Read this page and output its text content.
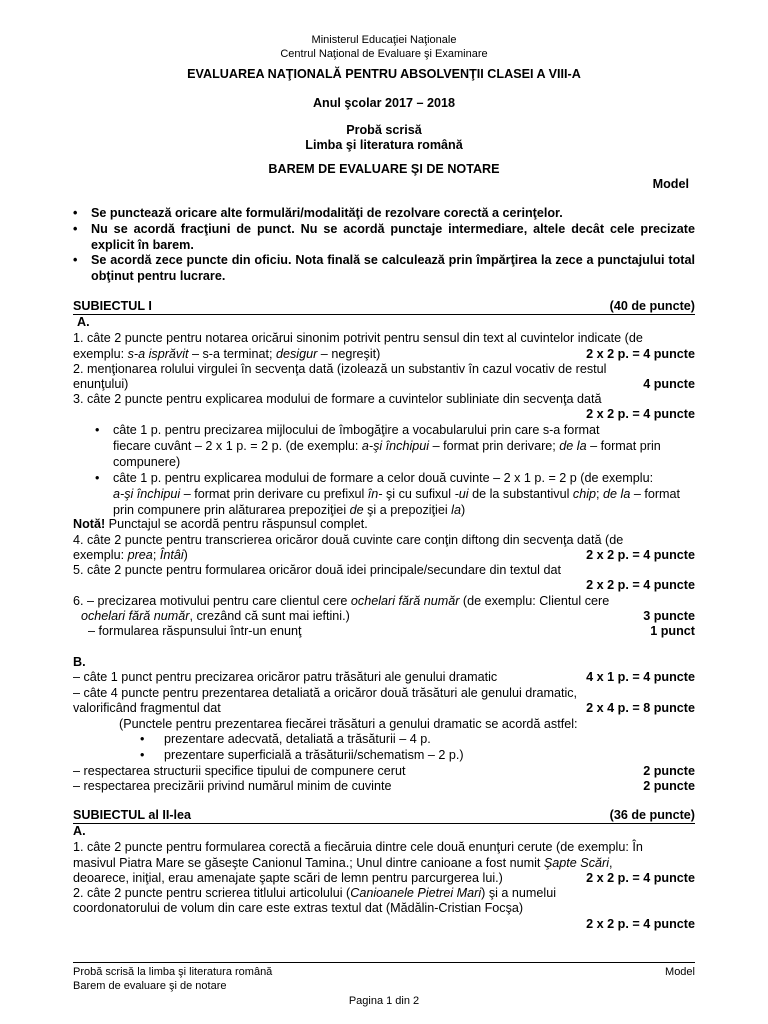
Ministerul Educaţiei Naţionale
Centrul Naţional de Evaluare şi Examinare
EVALUAREA NAŢIONALĂ PENTRU ABSOLVENŢII CLASEI A VIII-A
Anul şcolar 2017 – 2018
Probă scrisă
Limba şi literatura română
BAREM DE EVALUARE ŞI DE NOTARE
Model
• Se punctează oricare alte formulări/modalităţi de rezolvare corectă a cerinţelor.
• Nu se acordă fracţiuni de punct. Nu se acordă punctaje intermediare, altele decât cele precizate explicit în barem.
• Se acordă zece puncte din oficiu. Nota finală se calculează prin împărţirea la zece a punctajului total obţinut pentru lucrare.
SUBIECTUL I	(40 de puncte)
A.
1. câte 2 puncte pentru notarea oricărui sinonim potrivit pentru sensul din text al cuvintelor indicate (de
exemplu: s-a isprăvit – s-a terminat; desigur – negreşit)	2 x 2 p. = 4 puncte
2. menţionarea rolului virgulei în secvenţa dată (izolează un substantiv în cazul vocativ de restul
enunţului)	4 puncte
3. câte 2 puncte pentru explicarea modului de formare a cuvintelor subliniate din secvenţa dată
2 x 2 p. = 4 puncte
• câte 1 p. pentru precizarea mijlocului de îmbogăţire a vocabularului prin care s-a format
fiecare cuvânt – 2 x 1 p. = 2 p. (de exemplu: a-şi închipui – format prin derivare; de la – format prin
compunere)
• câte 1 p. pentru explicarea modului de formare a celor două cuvinte – 2 x 1 p. = 2 p (de exemplu:
a-şi închipui – format prin derivare cu prefixul în- şi cu sufixul -ui de la substantivul chip; de la – format
prin compunere prin alăturarea prepoziţiei de şi a prepoziţiei la)
Notă! Punctajul se acordă pentru răspunsul complet.
4. câte 2 puncte pentru transcrierea oricăror două cuvinte care conţin diftong din secvenţa dată (de
exemplu: prea; Întâi)	2 x 2 p. = 4 puncte
5. câte 2 puncte pentru formularea oricăror două idei principale/secundare din textul dat
2 x 2 p. = 4 puncte
6. – precizarea motivului pentru care clientul cere ochelari fără număr (de exemplu: Clientul cere
ochelari fără număr, crezând că sunt mai ieftini.)	3 puncte
– formularea răspunsului într-un enunţ	1 punct
B.
– câte 1 punct pentru precizarea oricăror patru trăsături ale genului dramatic	4 x 1 p. = 4 puncte
– câte 4 puncte pentru prezentarea detaliată a oricăror două trăsături ale genului dramatic,
valorificând fragmentul dat	2 x 4 p. = 8 puncte
(Punctele pentru prezentarea fiecărei trăsături a genului dramatic se acordă astfel:
• prezentare adecvată, detaliată a trăsăturii – 4 p.
• prezentare superficială a trăsăturii/schematism – 2 p.)
– respectarea structurii specifice tipului de compunere cerut	2 puncte
– respectarea precizării privind numărul minim de cuvinte	2 puncte
SUBIECTUL al II-lea	(36 de puncte)
A.
1. câte 2 puncte pentru formularea corectă a fiecăruia dintre cele două enunţuri cerute (de exemplu: În
masivul Piatra Mare se găseşte Canionul Tamina.; Unul dintre canioane a fost numit Şapte Scări,
deoarece, iniţial, erau amenajate şapte scări de lemn pentru parcurgerea lui.)	2 x 2 p. = 4 puncte
2. câte 2 puncte pentru scrierea titlului articolului (Canioanele Pietrei Mari) şi a numelui
coordonatorului de volum din care este extras textul dat (Mădălin-Cristian Focşa)
2 x 2 p. = 4 puncte
Probă scrisă la limba şi literatura română
Barem de evaluare şi de notare
Model
Pagina 1 din 2
